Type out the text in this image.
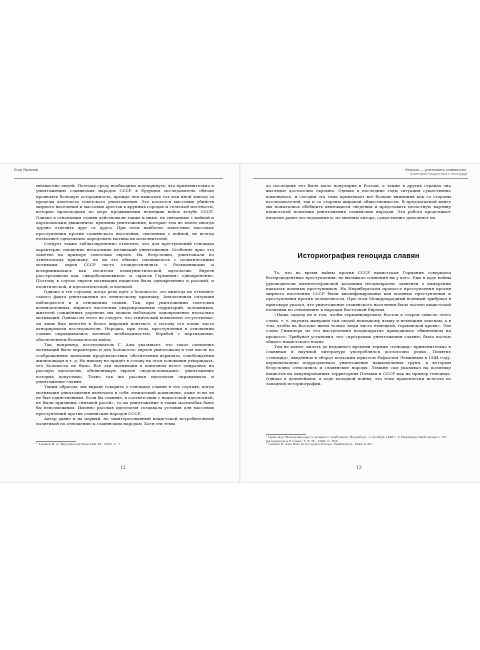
Егор Яковлев

множество людей. Поэтому сразу необходимо подчеркнуть, что применительно к уничтожению славянских народов СССР в будущем исследователь обязан проявлять большую осторожность, прежде чем выносить тот или иной эпизод за пределы контекста советского уничтожения. Это касается массовых убийств мирного населения и массовых арестов в крупных городах и сельской местности, которые происходили по мере продвижения немецких войск вглубь СССР. Однако в отношении славян действовали также и иные, не связанные с войной и партизанским движением, причины уничтожения, которые тем не менее иногда трудно отделить друг от друга. При этом наиболее известные массовые преступления против славянского населения, связанные с войной, не всегда позволяют однозначно определить мотивы их исполнителей.

Следует также заблаговременно отметить, что для преступлений геноцида характерно смешение нескольких мотиваций уничтожения. Особенно ярко это заметно на примере советских евреев. Их, безусловно, уничтожали по этническому признаку, но на это обычно смешивалось с политическими мотивами: евреи СССР часто отождествлялись с большевиками и воспринимались как носители коммунистической идеологии. Евреев расстреливали как «жидобольшевиков» и «врагов Германии» одновременно. Поэтому в случае евреев мотивация нацистов была одновременно и расовой, и политической, и идеологической, и военной.

Однако в тех случаях, когда речь идёт о Холокосте, это никогда не отменяет самого факта уничтожения по этническому признаку. Аналогичная ситуация наблюдается и в отношении славян. Так, при уничтожении советских военнопленных, мирного населения оккупированных территорий, заложников, жителей сожжённых деревень мы можем наблюдать одновременно несколько мотиваций. Однако из этого не следует, что этнический компонент отсутствовал: он лишь был вплетён в более широкий контекст, а потому его очень часто игнорировали исследователи. Нередко, при этом, преступления в отношении славян оправдывались военной необходимостью, борьбой с партизанами, обеспечением безопасности войск.

Так, например, исследователь Г. Алы указывает, что такое смешение мотиваций было характерно и для Холокоста: евреев уничтожали в том числе по соображениям экономии продовольствия, обеспечения вермахта, освобождения жилплощади и т. д. Но никому не придёт в голову на этом основании утверждать, что Холокоста не было. Все эти мотивации в конечном итоге опирались на расовую идеологию, объявлявшую евреев «недочеловеками», уничтожение которых допустимо. Точно так же расовая идеология оправдывала и уничтожение славян.

Таким образом, мы вправе говорить о геноциде славян в тех случаях, когда мотивация уничтожения включала в себя этнический компонент, даже если он не был единственным. Если бы славяне, в соответствии с нацистской идеологией, не были признаны «низшей расой», то их уничтожение в таких масштабах было бы невозможным. Именно расовая идеология создавала условия для массовых преступлений против славянских народов СССР.

Автор давно и на первый, но заинтересованный нацистской истребительной политикой по отношению к славянским народам. Хотя эти темы

¹ Алымов В. А. Внутриполитический. М., 2002. С. 7.
12
Миссия — уничтожить славянство.
Анатомия нацистского геноцида

до последних лет было мало популярна в России, а также в других странах она выглядит достаточно скромно. Однако в последние годы ситуация существенно изменилась, и сегодня эта тема привлекает всё больше внимания как со стороны исследователей, так и со стороны широкой общественности. В предлагаемой книге мы попытались обобщить имеющиеся сведения и представить целостную картину нацистской политики уничтожения славянских народов. Эта работа продолжает начатые ранее исследования и, по мнению автора, существенно дополняет их.

Историография геноцида славян

То, что во время войны против СССР нацистская Германия совершала беспрецедентные преступления, не вызывало сомнения ни у кого. Уже в ходе войны руководители антигитлеровской коалиции неоднократно заявляли о намерении наказать военных преступников. На Нюрнбергском процессе преступления против мирного населения СССР были квалифицированы как военные преступления и преступления против человечности. При этом Международный военный трибунал в приговоре указал, что уничтожение славянского населения было частью нацистской политики по отношению к народам Восточной Европы.

«Наша задача не в том, чтобы германизировать Восток в старом смысле этого слова, т. е. научить живущих там людей немецкому языку и немецким законам, а в том, чтобы на Востоке жили только люди чисто немецкой, германской крови». Эти слова Гиммлера из его выступления неоднократно приводились обвинением на процессе. Трибунал установил, что «программа уничтожения славян» была частью общего нацистского плана

Тем не менее, вплоть до недавнего времени термин «геноцид» применительно к славянам в научной литературе употреблялся достаточно редко. Понятие «геноцид», введённое в оборот польским юристом Рафаэлем Лемкиным в 1944 году, первоначально подразумевало уничтожение национальных групп, к которым безусловно относились и славянские народы. Лемкин сам указывал на политику нацистов на оккупированных территориях Польши и СССР как на пример геноцида. Однако в дальнейшем, в ходе холодной войны, эта тема практически исчезла из западной историографии.

¹ Приговор Международного военного трибунала. Нюрнберг, 1 октября 1946 г. // Нюрнбергский процесс: Сб. материалов в 8 томах. Т. 8. М., 1999. С. 635.
² Lemkin R. Axis Rule in Occupied Europe. Washington, 1944. P. 80.
13
